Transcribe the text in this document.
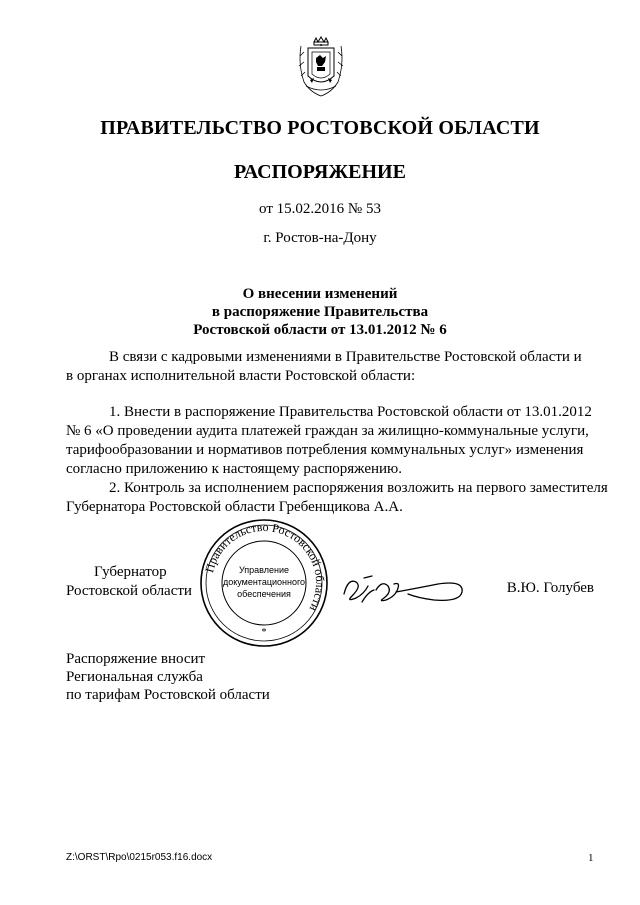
ПРАВИТЕЛЬСТВО РОСТОВСКОЙ ОБЛАСТИ
РАСПОРЯЖЕНИЕ
от 15.02.2016 № 53
г. Ростов-на-Дону
О внесении изменений
в распоряжение Правительства
Ростовской области от 13.01.2012 № 6
В связи с кадровыми изменениями в Правительстве Ростовской области и
в органах исполнительной власти Ростовской области:
1. Внести в распоряжение Правительства Ростовской области от 13.01.2012
№ 6 «О проведении аудита платежей граждан за жилищно-коммунальные услуги,
тарифообразовании и нормативов потребления коммунальных услуг» изменения
согласно приложению к настоящему распоряжению.
2. Контроль за исполнением распоряжения возложить на первого заместителя
Губернатора Ростовской области Гребенщикова А.А.
Губернатор
Ростовской области
Правительство Ростовской области
*
Управление
документационного
обеспечения	В.Ю. Голубев
Распоряжение вносит
Региональная служба
по тарифам Ростовской области
Z:\ORST\Rpo\0215r053.f16.docx	1
